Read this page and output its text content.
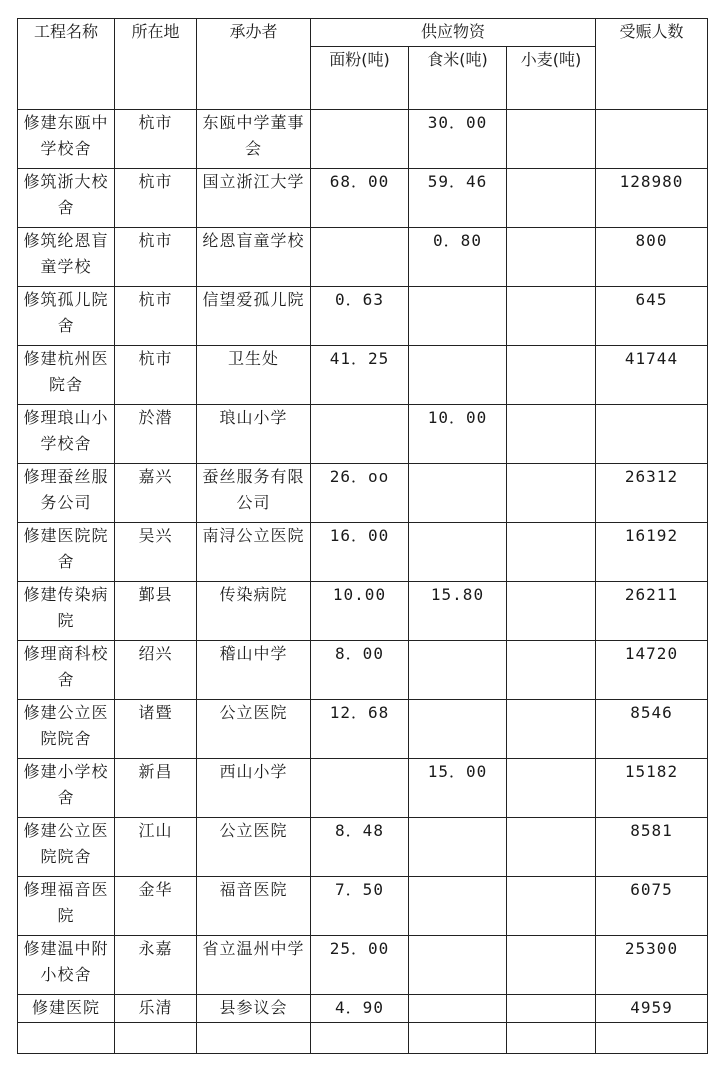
工程名称	所在地	承办者	供应物资			受赈人数
			面粉(吨)	食米(吨)	小麦(吨)	
修建东瓯中学校舍	杭市	东瓯中学董事会		30．00		
修筑浙大校舍	杭市	国立浙江大学	68．00	59．46		128980
修筑纶恩盲童学校	杭市	纶恩盲童学校		0．80		800
修筑孤儿院舍	杭市	信望爱孤儿院	0．63			645
修建杭州医院舍	杭市	卫生处	41．25			41744
修理琅山小学校舍	於潜	琅山小学		10．00		
修理蚕丝服务公司	嘉兴	蚕丝服务有限公司	26．oo			26312
修建医院院舍	吴兴	南浔公立医院	16．00			16192
修建传染病院	鄞县	传染病院	10.00	15.80		26211
修理商科校舍	绍兴	稽山中学	8．00			14720
修建公立医院院舍	诸暨	公立医院	12．68			8546
修建小学校舍	新昌	西山小学		15．00		15182
修建公立医院院舍	江山	公立医院	8．48			8581
修理福音医院	金华	福音医院	7．50			6075
修建温中附小校舍	永嘉	省立温州中学	25．00			25300
修建医院	乐清	县参议会	4．90			4959
